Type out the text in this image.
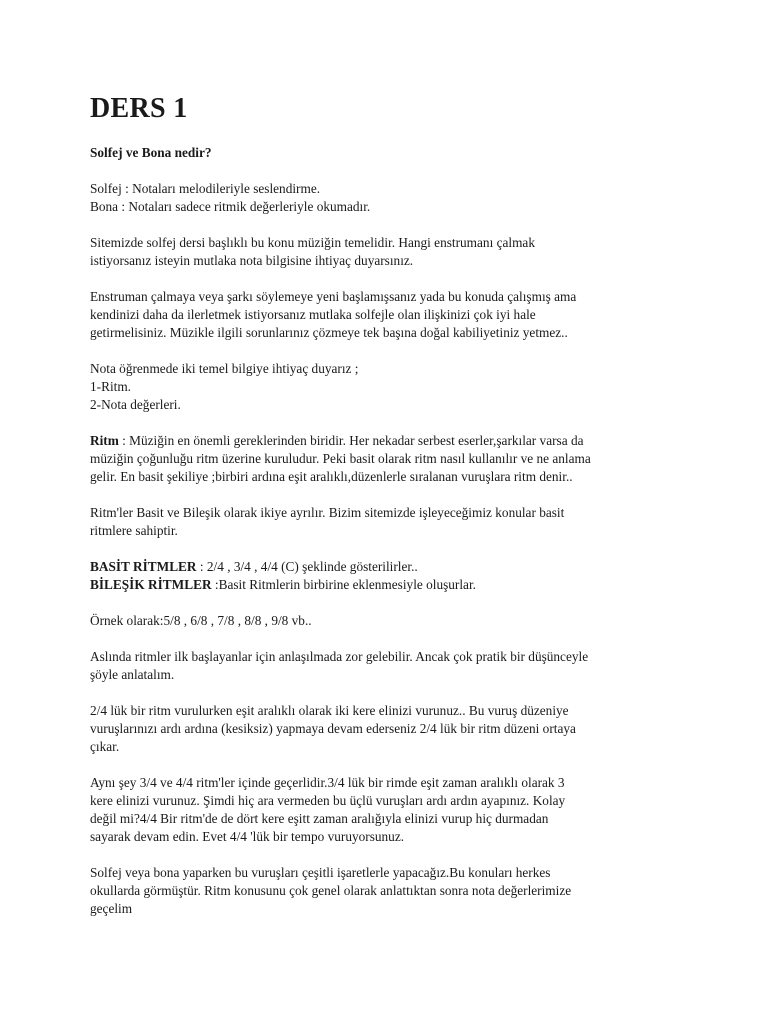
DERS 1
Solfej ve Bona nedir?
Solfej : Notaları melodileriyle seslendirme.
Bona : Notaları sadece ritmik değerleriyle okumadır.
Sitemizde solfej dersi başlıklı bu konu müziğin temelidir. Hangi enstrumanı çalmak
istiyorsanız isteyin mutlaka nota bilgisine ihtiyaç duyarsınız.
Enstruman çalmaya veya şarkı söylemeye yeni başlamışsanız yada bu konuda çalışmış ama
kendinizi daha da ilerletmek istiyorsanız mutlaka solfejle olan ilişkinizi çok iyi hale
getirmelisiniz. Müzikle ilgili sorunlarınız çözmeye tek başına doğal kabiliyetiniz yetmez..
Nota öğrenmede iki temel bilgiye ihtiyaç duyarız ;
1-Ritm.
2-Nota değerleri.
Ritm : Müziğin en önemli gereklerinden biridir. Her nekadar serbest eserler,şarkılar varsa da
müziğin çoğunluğu ritm üzerine kuruludur. Peki basit olarak ritm nasıl kullanılır ve ne anlama
gelir. En basit şekiliye ;birbiri ardına eşit aralıklı,düzenlerle sıralanan vuruşlara ritm denir..
Ritm'ler Basit ve Bileşik olarak ikiye ayrılır. Bizim sitemizde işleyeceğimiz konular basit
ritmlere sahiptir.
BASİT RİTMLER : 2/4 , 3/4 , 4/4 (C) şeklinde gösterilirler..
BİLEŞİK RİTMLER :Basit Ritmlerin birbirine eklenmesiyle oluşurlar.
Örnek olarak:5/8 , 6/8 , 7/8 , 8/8 , 9/8 vb..
Aslında ritmler ilk başlayanlar için anlaşılmada zor gelebilir. Ancak çok pratik bir düşünceyle
şöyle anlatalım.
2/4 lük bir ritm vurulurken eşit aralıklı olarak iki kere elinizi vurunuz.. Bu vuruş düzeniye
vuruşlarınızı ardı ardına (kesiksiz) yapmaya devam ederseniz 2/4 lük bir ritm düzeni ortaya
çıkar.
Aynı şey 3/4 ve 4/4 ritm'ler içinde geçerlidir.3/4 lük bir rimde eşit zaman aralıklı olarak 3
kere elinizi vurunuz. Şimdi hiç ara vermeden bu üçlü vuruşları ardı ardın ayapınız. Kolay
değil mi?4/4 Bir ritm'de de dört kere eşitt zaman aralığıyla elinizi vurup hiç durmadan
sayarak devam edin. Evet 4/4 'lük bir tempo vuruyorsunuz.
Solfej veya bona yaparken bu vuruşları çeşitli işaretlerle yapacağız.Bu konuları herkes
okullarda görmüştür. Ritm konusunu çok genel olarak anlattıktan sonra nota değerlerimize
geçelim
